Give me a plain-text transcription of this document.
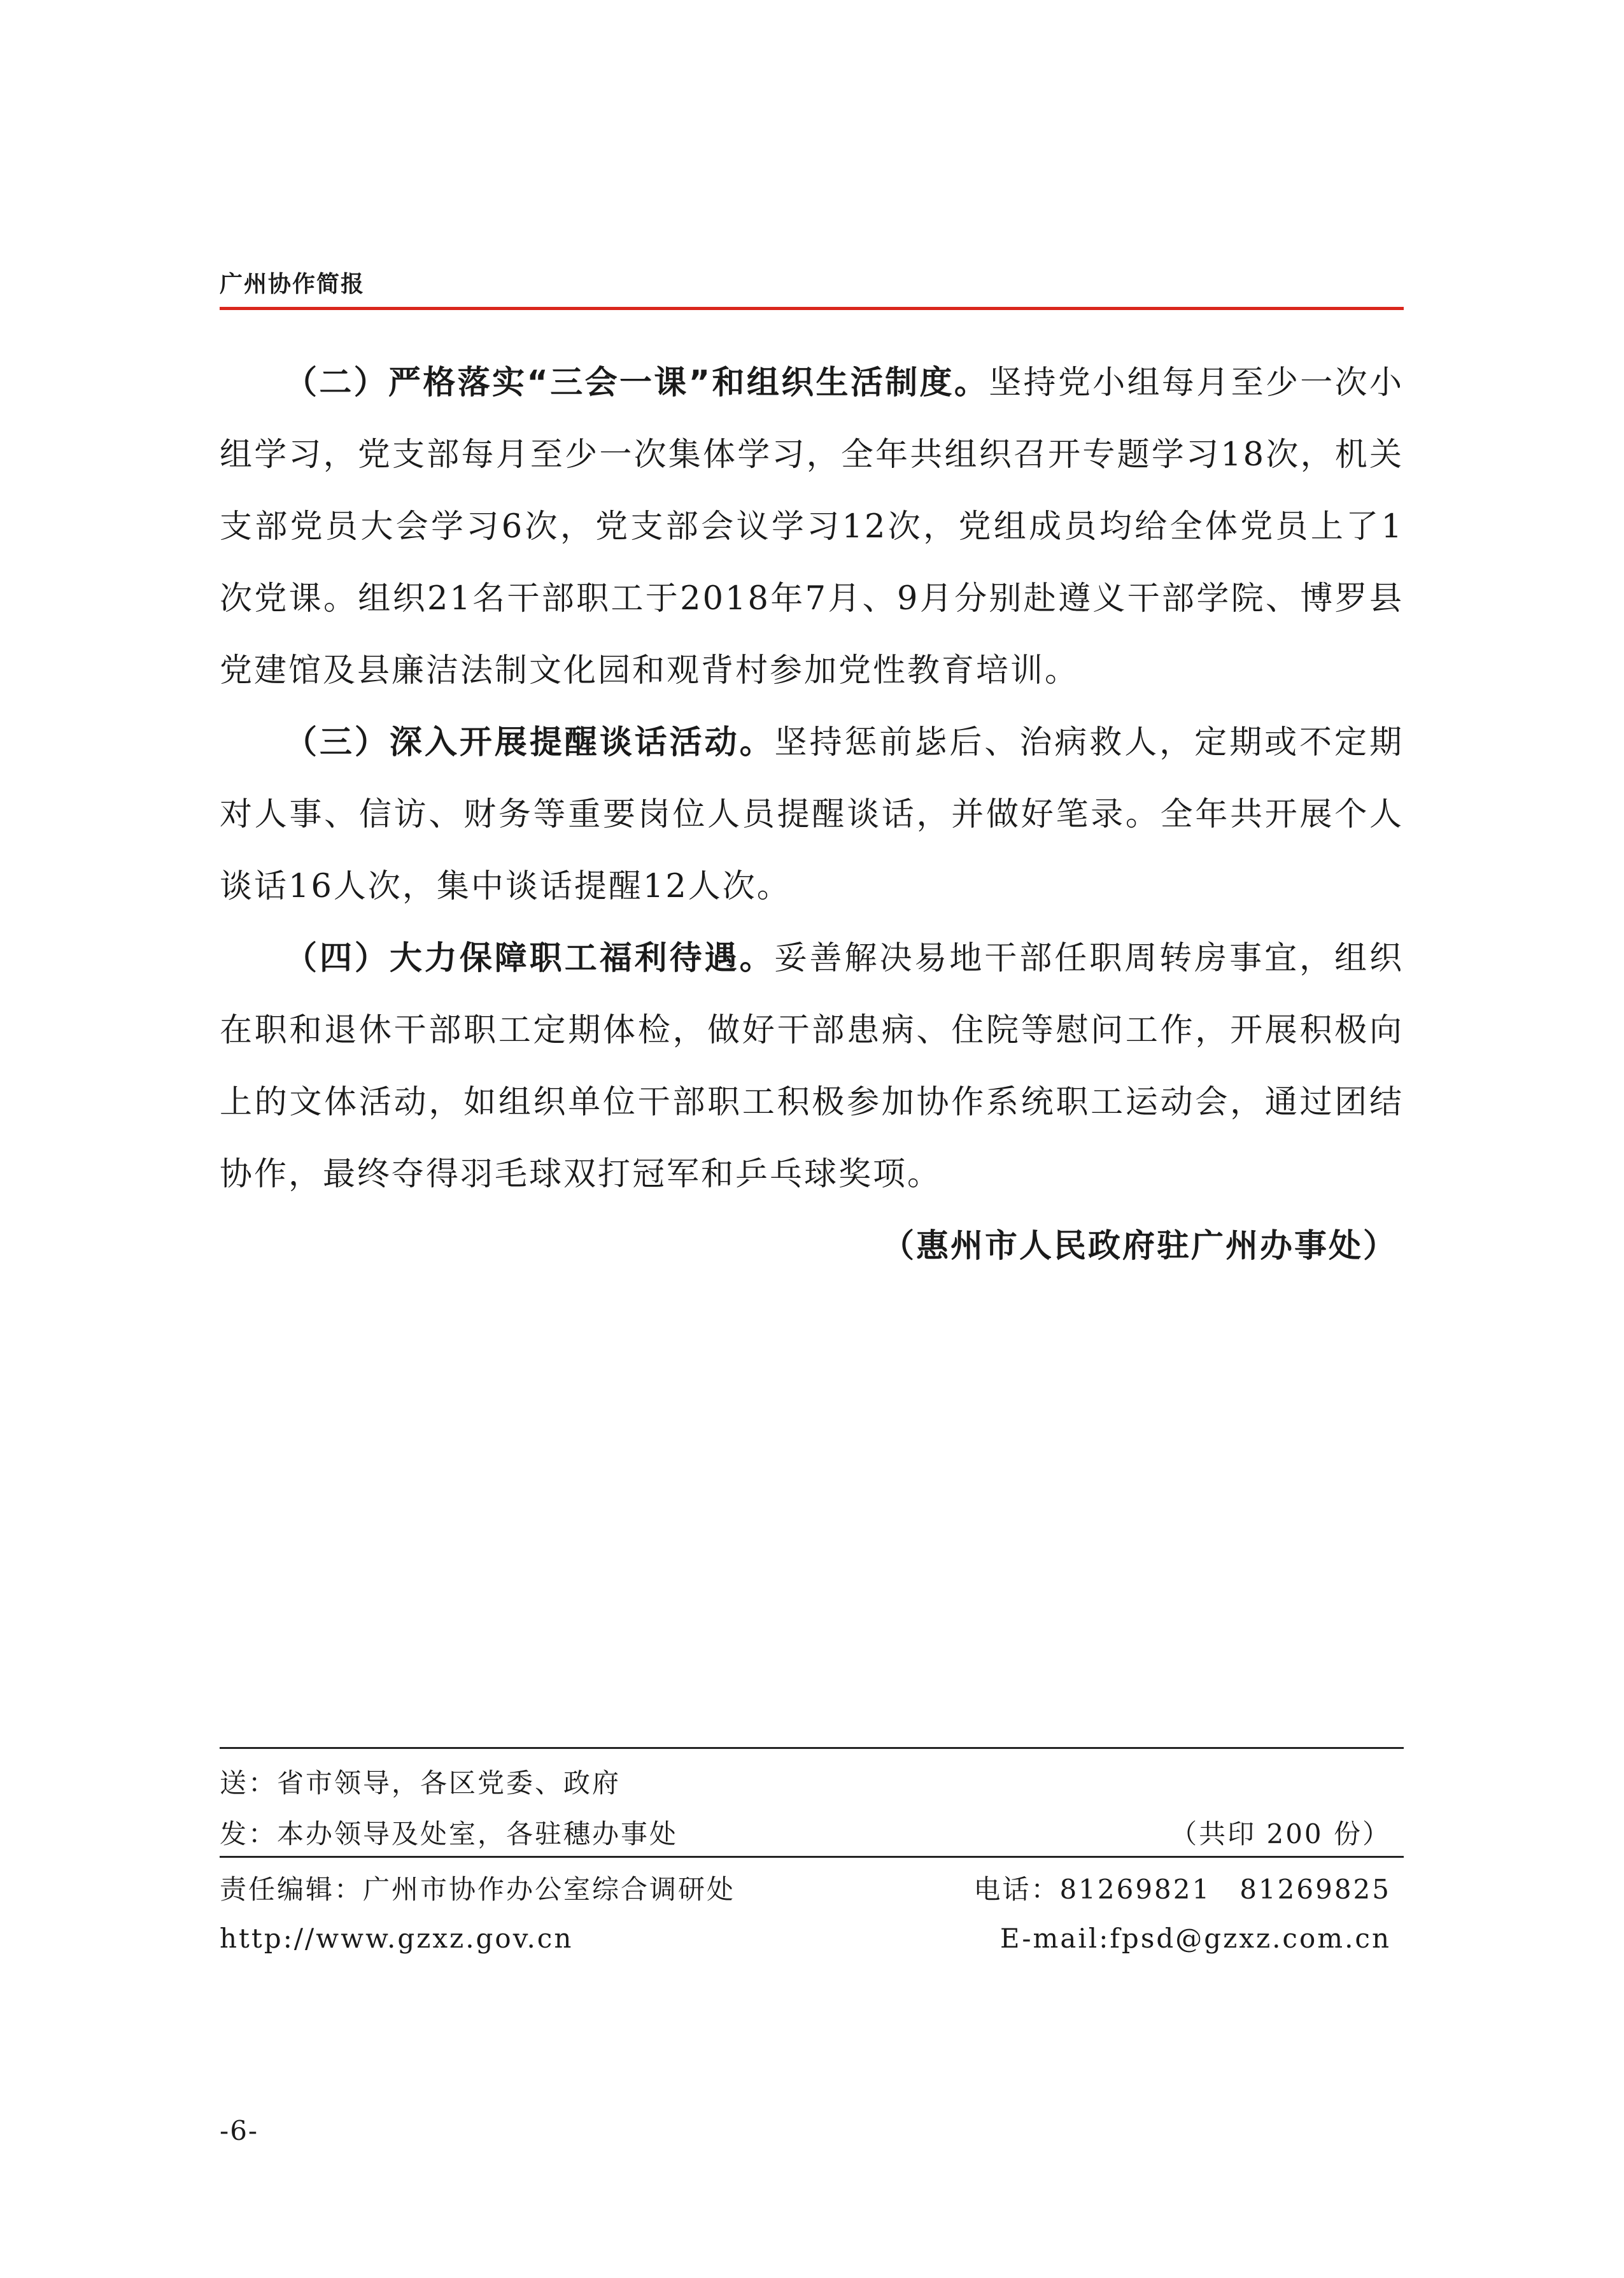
广州协作简报

（二）严格落实“三会一课”和组织生活制度。坚持党小组每月至少一次小组学习，党支部每月至少一次集体学习，全年共组织召开专题学习18次，机关支部党员大会学习6次，党支部会议学习12次，党组成员均给全体党员上了1次党课。组织21名干部职工于2018年7月、9月分别赴遵义干部学院、博罗县党建馆及县廉洁法制文化园和观背村参加党性教育培训。

（三）深入开展提醒谈话活动。坚持惩前毖后、治病救人，定期或不定期对人事、信访、财务等重要岗位人员提醒谈话，并做好笔录。全年共开展个人谈话16人次，集中谈话提醒12人次。

（四）大力保障职工福利待遇。妥善解决易地干部任职周转房事宜，组织在职和退休干部职工定期体检，做好干部患病、住院等慰问工作，开展积极向上的文体活动，如组织单位干部职工积极参加协作系统职工运动会，通过团结协作，最终夺得羽毛球双打冠军和乒乓球奖项。

（惠州市人民政府驻广州办事处）
送：省市领导，各区党委、政府
发：本办领导及处室，各驻穗办事处	（共印 200 份）
责任编辑：广州市协作办公室综合调研处	电话：81269821　81269825
http://www.gzxz.gov.cn	E-mail:fpsd@gzxz.com.cn
-6-
